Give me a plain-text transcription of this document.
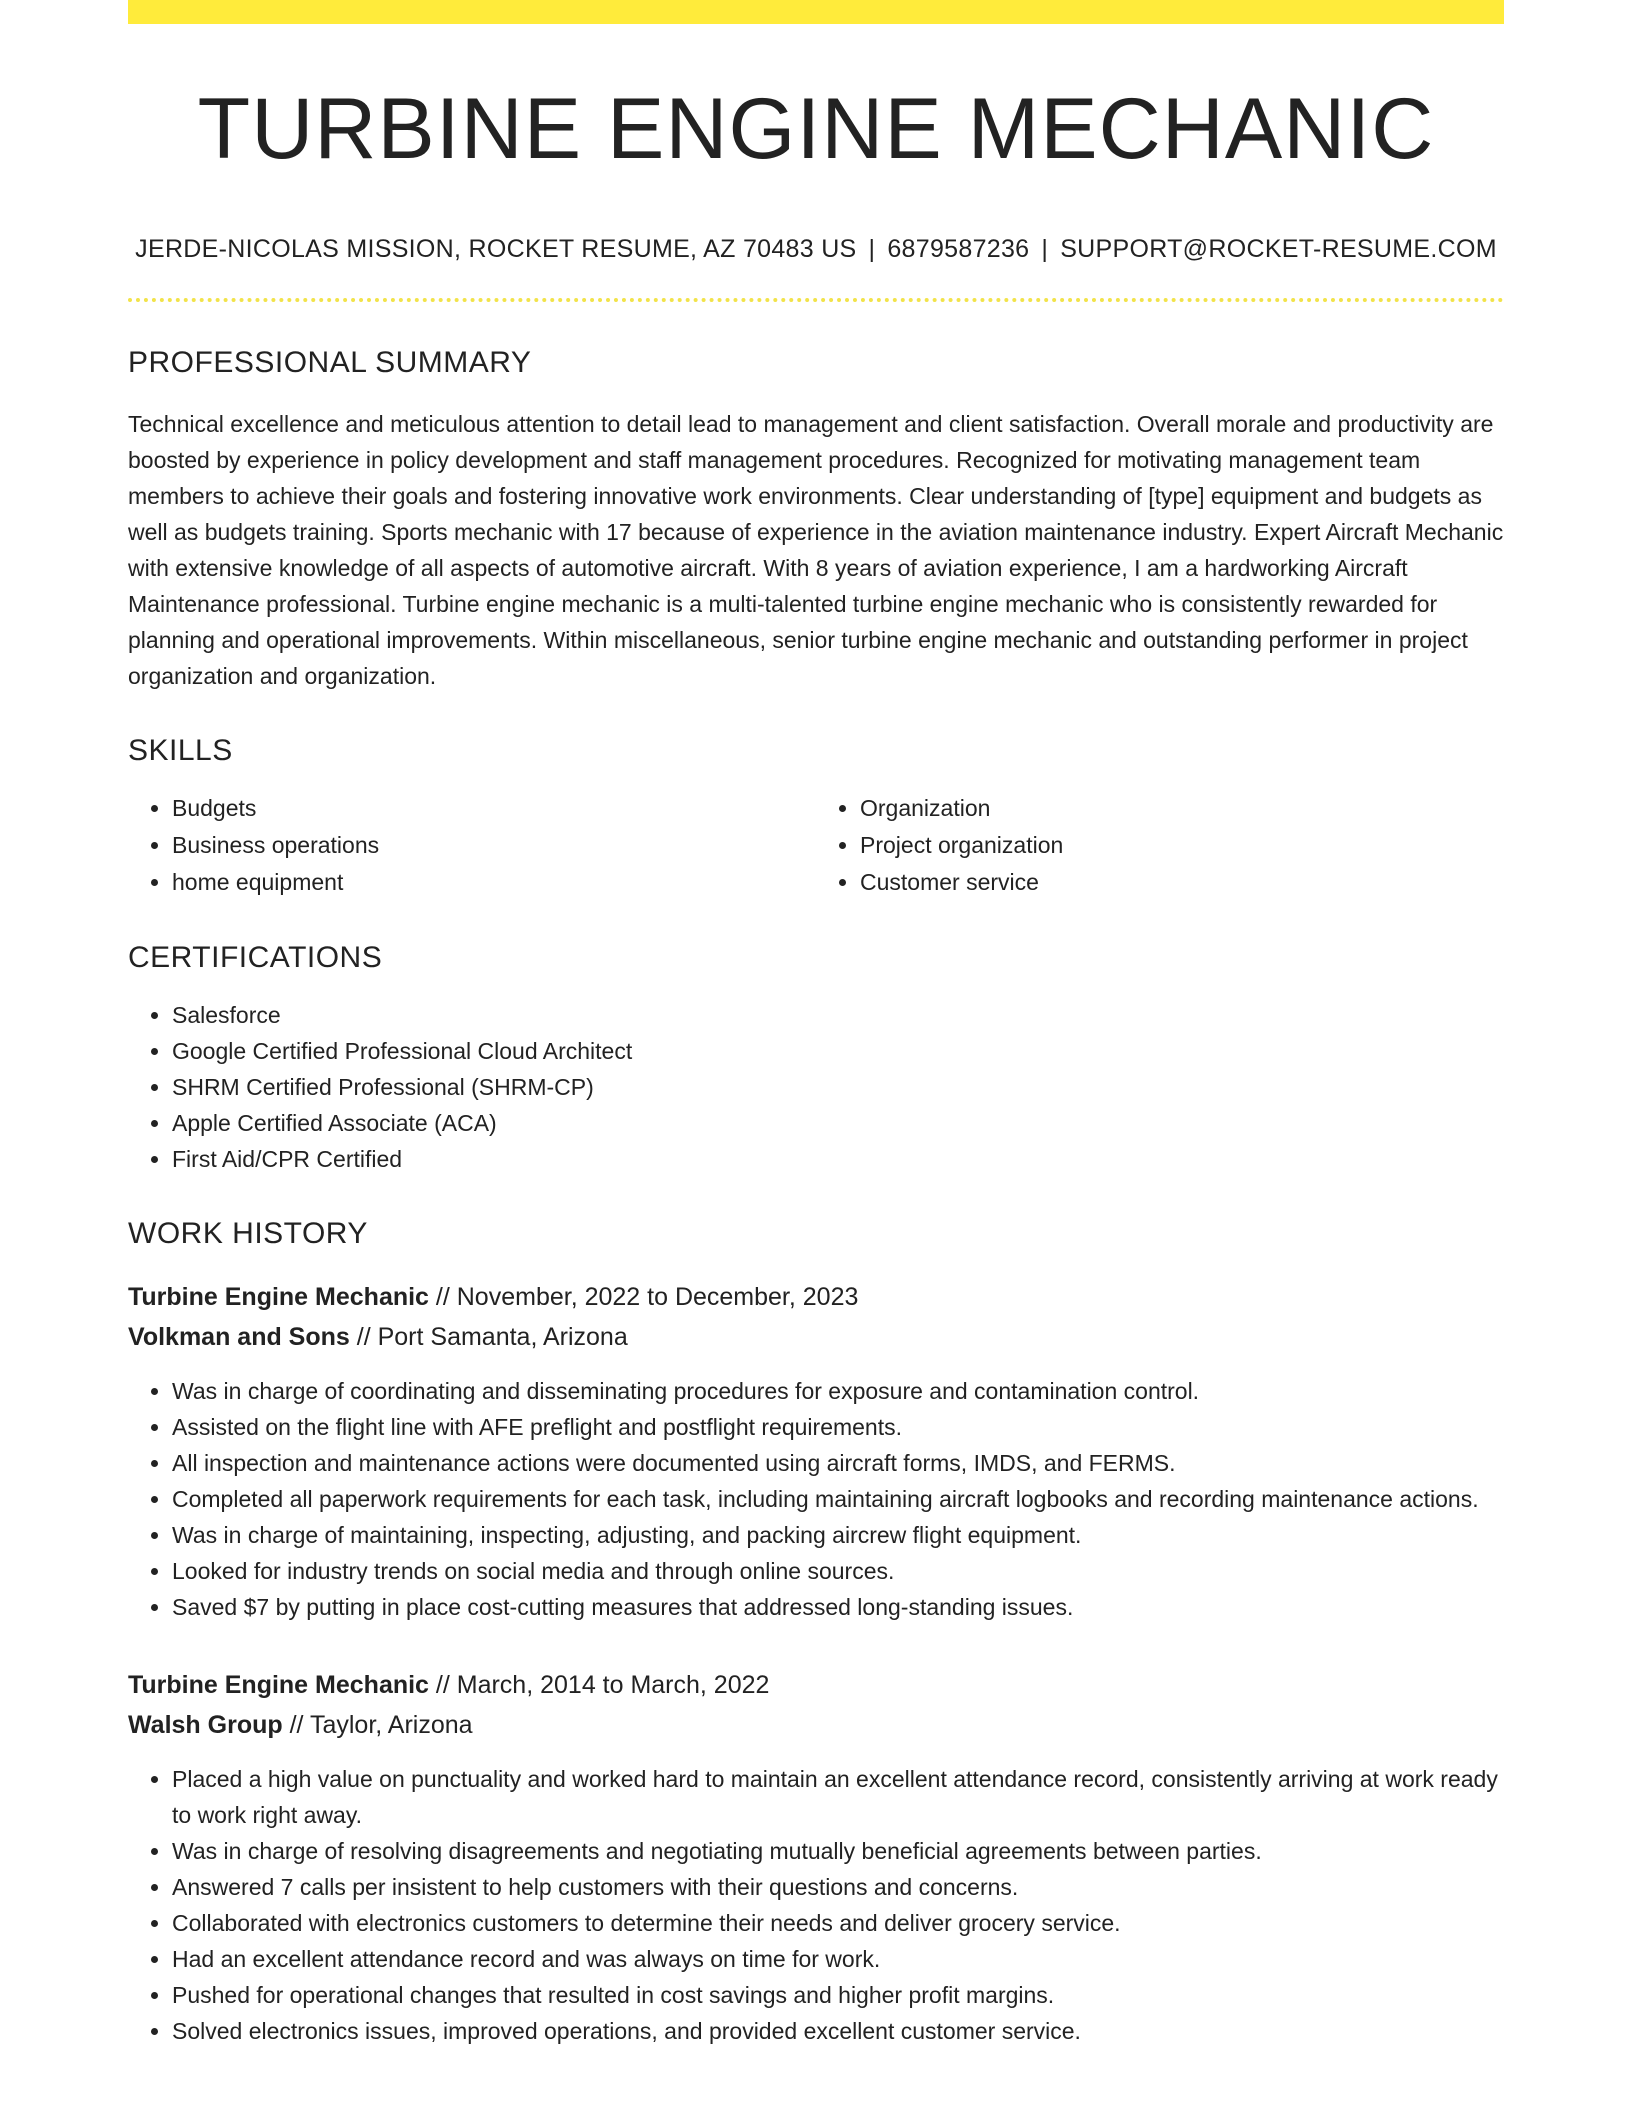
TURBINE ENGINE MECHANIC
JERDE-NICOLAS MISSION, ROCKET RESUME, AZ 70483 US | 6879587236 | SUPPORT@ROCKET-RESUME.COM
PROFESSIONAL SUMMARY

Technical excellence and meticulous attention to detail lead to management and client satisfaction. Overall morale and productivity are boosted by experience in policy development and staff management procedures. Recognized for motivating management team members to achieve their goals and fostering innovative work environments. Clear understanding of [type] equipment and budgets as well as budgets training. Sports mechanic with 17 because of experience in the aviation maintenance industry. Expert Aircraft Mechanic with extensive knowledge of all aspects of automotive aircraft. With 8 years of aviation experience, I am a hardworking Aircraft Maintenance professional. Turbine engine mechanic is a multi-talented turbine engine mechanic who is consistently rewarded for planning and operational improvements. Within miscellaneous, senior turbine engine mechanic and outstanding performer in project organization and organization.

SKILLS
• Budgets
• Business operations
• home equipment
• Organization
• Project organization
• Customer service
CERTIFICATIONS
• Salesforce
• Google Certified Professional Cloud Architect
• SHRM Certified Professional (SHRM-CP)
• Apple Certified Associate (ACA)
• First Aid/CPR Certified
WORK HISTORY
Turbine Engine Mechanic // November, 2022 to December, 2023
Volkman and Sons // Port Samanta, Arizona
• Was in charge of coordinating and disseminating procedures for exposure and contamination control.
• Assisted on the flight line with AFE preflight and postflight requirements.
• All inspection and maintenance actions were documented using aircraft forms, IMDS, and FERMS.
• Completed all paperwork requirements for each task, including maintaining aircraft logbooks and recording maintenance actions.
• Was in charge of maintaining, inspecting, adjusting, and packing aircrew flight equipment.
• Looked for industry trends on social media and through online sources.
• Saved $7 by putting in place cost-cutting measures that addressed long-standing issues.
Turbine Engine Mechanic // March, 2014 to March, 2022
Walsh Group // Taylor, Arizona
• Placed a high value on punctuality and worked hard to maintain an excellent attendance record, consistently arriving at work ready to work right away.
• Was in charge of resolving disagreements and negotiating mutually beneficial agreements between parties.
• Answered 7 calls per insistent to help customers with their questions and concerns.
• Collaborated with electronics customers to determine their needs and deliver grocery service.
• Had an excellent attendance record and was always on time for work.
• Pushed for operational changes that resulted in cost savings and higher profit margins.
• Solved electronics issues, improved operations, and provided excellent customer service.
